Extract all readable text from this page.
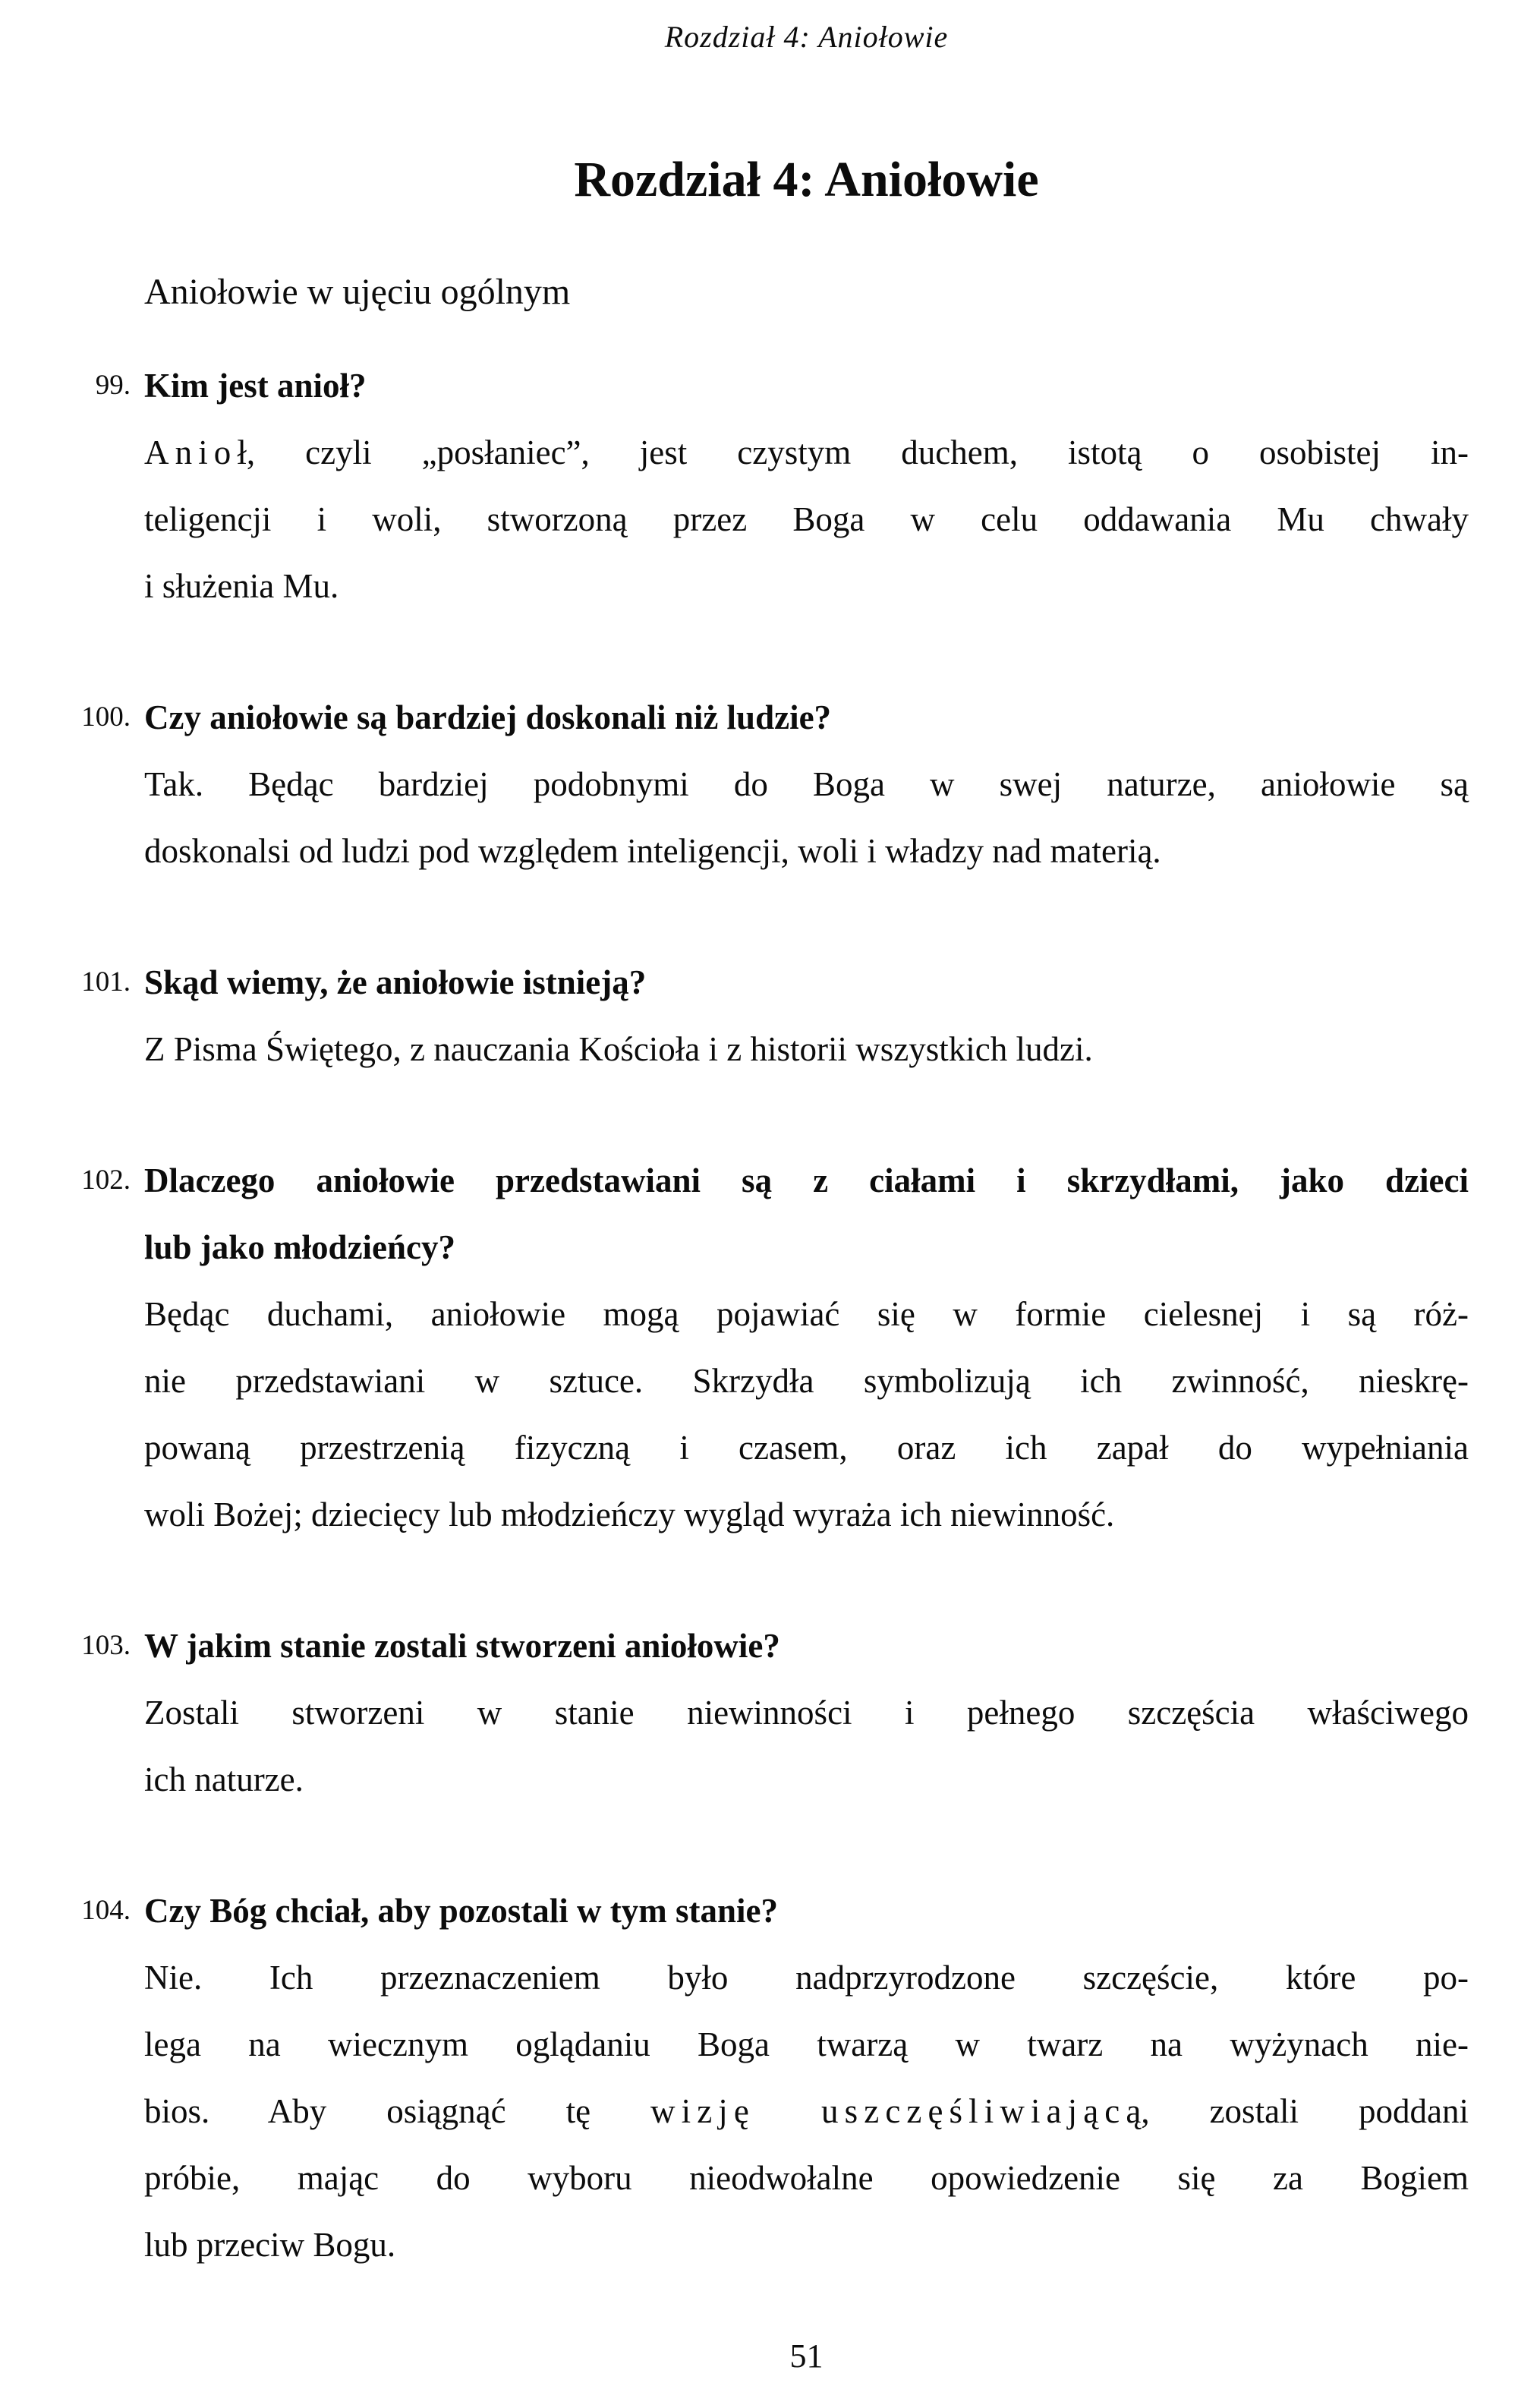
Rozdział 4: Aniołowie
Rozdział 4: Aniołowie
Aniołowie w ujęciu ogólnym
99. Kim jest anioł?
Anioł, czyli „posłaniec”, jest czystym duchem, istotą o osobistej in-
teligencji i woli, stworzoną przez Boga w celu oddawania Mu chwały
i służenia Mu.
100. Czy aniołowie są bardziej doskonali niż ludzie?
Tak. Będąc bardziej podobnymi do Boga w swej naturze, aniołowie są
doskonalsi od ludzi pod względem inteligencji, woli i władzy nad materią.
101. Skąd wiemy, że aniołowie istnieją?
Z Pisma Świętego, z nauczania Kościoła i z historii wszystkich ludzi.
102. Dlaczego aniołowie przedstawiani są z ciałami i skrzydłami, jako dzieci
lub jako młodzieńcy?
Będąc duchami, aniołowie mogą pojawiać się w formie cielesnej i są róż-
nie przedstawiani w sztuce. Skrzydła symbolizują ich zwinność, nieskrę-
powaną przestrzenią fizyczną i czasem, oraz ich zapał do wypełniania
woli Bożej; dziecięcy lub młodzieńczy wygląd wyraża ich niewinność.
103. W jakim stanie zostali stworzeni aniołowie?
Zostali stworzeni w stanie niewinności i pełnego szczęścia właściwego
ich naturze.
104. Czy Bóg chciał, aby pozostali w tym stanie?
Nie. Ich przeznaczeniem było nadprzyrodzone szczęście, które po-
lega na wiecznym oglądaniu Boga twarzą w twarz na wyżynach nie-
bios. Aby osiągnąć tę wizję uszczęśliwiającą, zostali poddani
próbie, mając do wyboru nieodwołalne opowiedzenie się za Bogiem
lub przeciw Bogu.
51
